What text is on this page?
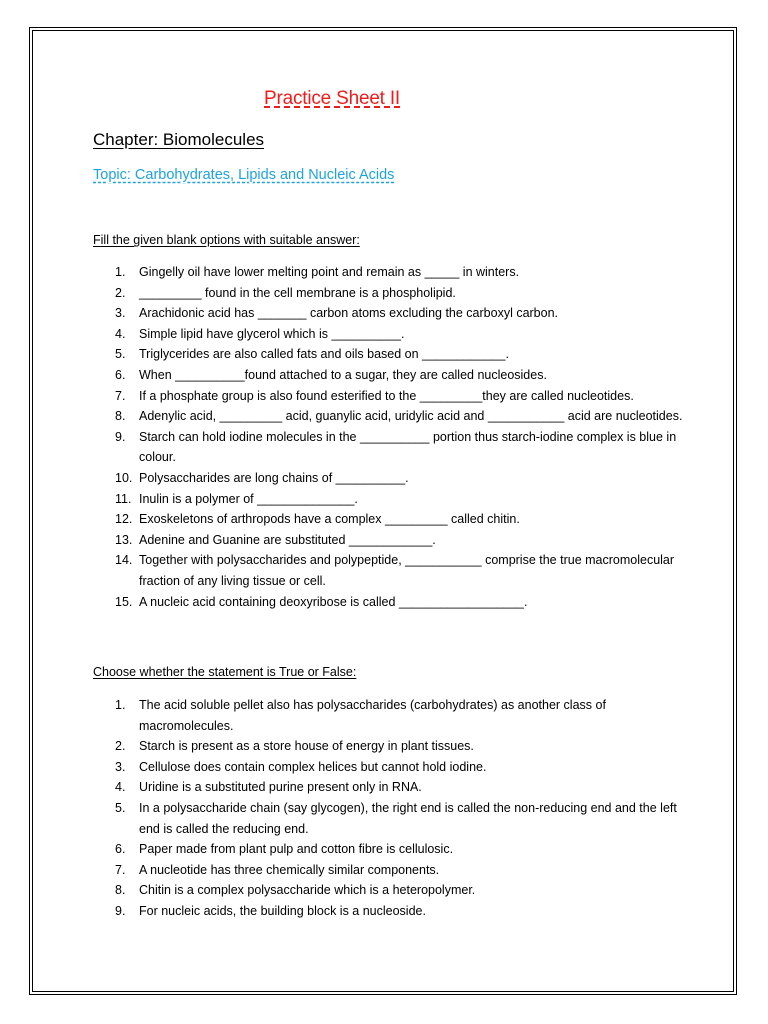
Practice Sheet II
Chapter: Biomolecules
Topic: Carbohydrates, Lipids and Nucleic Acids
Fill the given blank options with suitable answer:
1.	Gingelly oil have lower melting point and remain as _____ in winters.
2.	_________ found in the cell membrane is a phospholipid.
3.	Arachidonic acid has _______ carbon atoms excluding the carboxyl carbon.
4.	Simple lipid have glycerol which is __________.
5.	Triglycerides are also called fats and oils based on ____________.
6.	When __________found attached to a sugar, they are called nucleosides.
7.	If a phosphate group is also found esterified to the _________they are called nucleotides.
8.	Adenylic acid, _________ acid, guanylic acid, uridylic acid and ___________ acid are nucleotides.
9.	Starch can hold iodine molecules in the __________ portion thus starch-iodine complex is blue in colour.
10. Polysaccharides are long chains of __________.
11. Inulin is a polymer of ______________.
12. Exoskeletons of arthropods have a complex _________ called chitin.
13. Adenine and Guanine are substituted ____________.
14. Together with polysaccharides and polypeptide, ___________ comprise the true macromolecular fraction of any living tissue or cell.
15. A nucleic acid containing deoxyribose is called __________________.
Choose whether the statement is True or False:
1.	The acid soluble pellet also has polysaccharides (carbohydrates) as another class of macromolecules.
2.	Starch is present as a store house of energy in plant tissues.
3.	Cellulose does contain complex helices but cannot hold iodine.
4.	Uridine is a substituted purine present only in RNA.
5.	In a polysaccharide chain (say glycogen), the right end is called the non-reducing end and the left end is called the reducing end.
6.	Paper made from plant pulp and cotton fibre is cellulosic.
7.	A nucleotide has three chemically similar components.
8.	Chitin is a complex polysaccharide which is a heteropolymer.
9.	For nucleic acids, the building block is a nucleoside.
